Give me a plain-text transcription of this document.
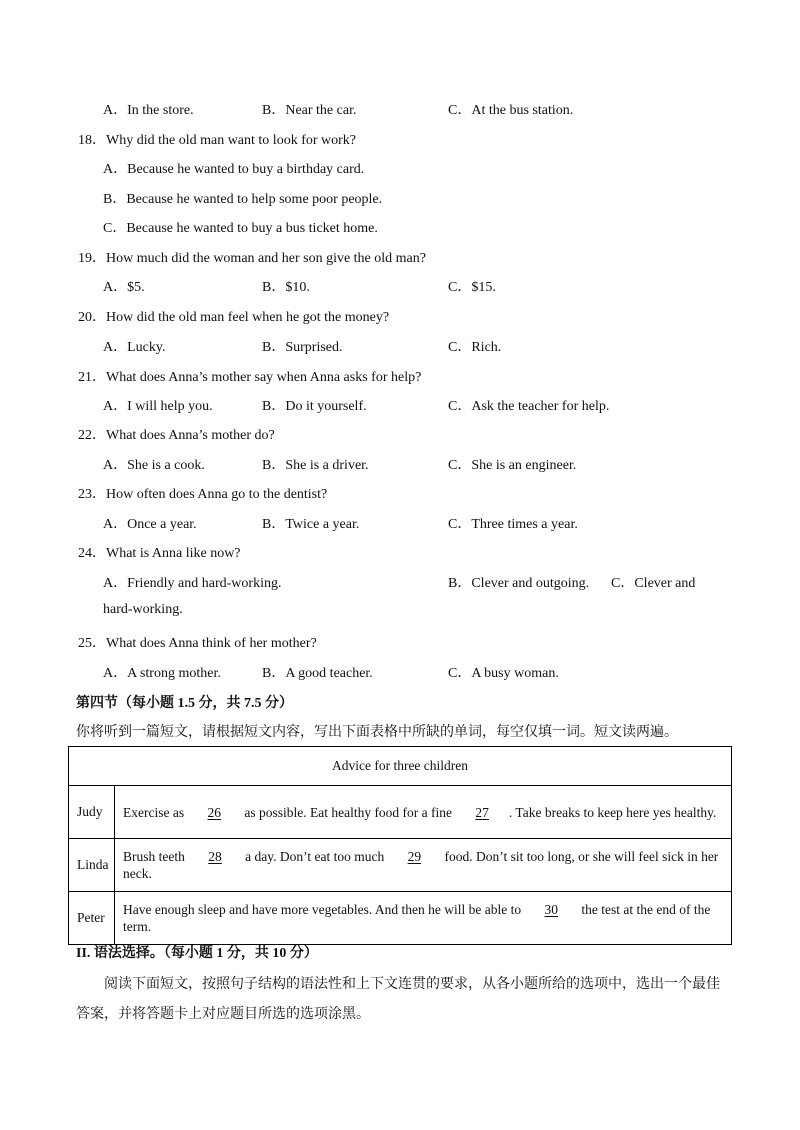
A．In the store.	B．Near the car.	C．At the bus station.
18．Why did the old man want to look for work?
A．Because he wanted to buy a birthday card.
B．Because he wanted to help some poor people.
C．Because he wanted to buy a bus ticket home.
19．How much did the woman and her son give the old man?
A．$5.	B．$10.	C．$15.
20．How did the old man feel when he got the money?
A．Lucky.	B．Surprised.	C．Rich.
21．What does Anna’s mother say when Anna asks for help?
A．I will help you.	B．Do it yourself.	C．Ask the teacher for help.
22．What does Anna’s mother do?
A．She is a cook.	B．She is a driver.	C．She is an engineer.
23．How often does Anna go to the dentist?
A．Once a year.	B．Twice a year.	C．Three times a year.
24．What is Anna like now?
A．Friendly and hard-working.	B．Clever and outgoing. C．Clever and
hard-working.
25．What does Anna think of her mother?
A．A strong mother.	B．A good teacher.	C．A busy woman.
第四节（每小题 1.5 分，共 7.5 分）
你将听到一篇短文，请根据短文内容，写出下面表格中所缺的单词，每空仅填一词。短文读两遍。
Advice for three children	
Judy	Exercise as 26 as possible. Eat healthy food for a fine 27 . Take breaks to keep here yes healthy.
Linda	Brush teeth 28 a day. Don’t eat too much 29 food. Don’t sit too long, or she will feel sick in her neck.
Peter	Have enough sleep and have more vegetables. And then he will be able to 30 the test at the end of the term.
II. 语法选择。（每小题 1 分，共 10 分）
阅读下面短文，按照句子结构的语法性和上下文连贯的要求，从各小题所给的选项中，选出一个最佳答案，并将答题卡上对应题目所选的选项涂黑。
